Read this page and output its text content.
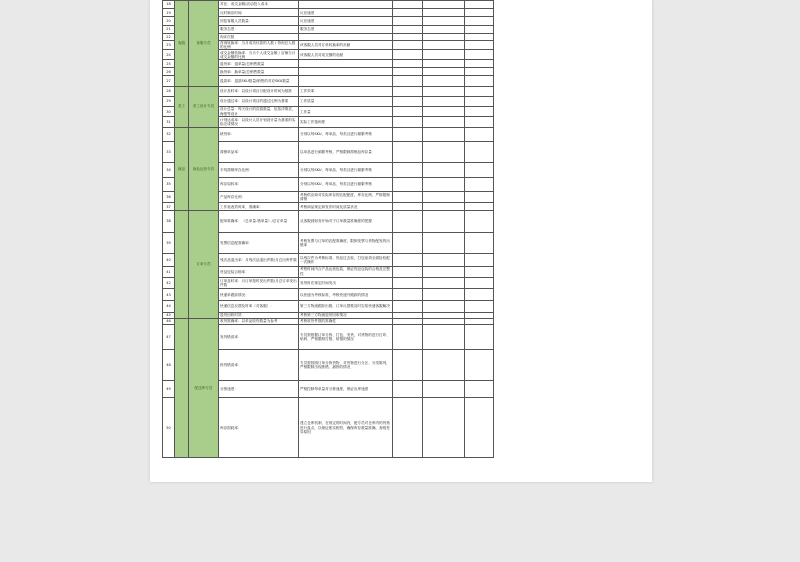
18	客服	客服专员	对比：成交金额/活动投入成本				
19			反时响应时间	反应速度			
20			回复客服人员数量：	反应速度			
21			服务态度：	服务态度			
22			询评次数				
23			咨询转换率：当月成功付款的人数 / 咨询总人数的比例	该客服人员对订单转换率的贡献			
24			成交金额转换率：当月个人成交金额 / 店铺当月成交金额的比例	该客服人员对成交额的贡献			
25			退货率：退单量/总销售数量				
26			换货率：换单量/总销售数量				
27			退款率：退款SKU数量/销售的对应SKU数量				
28	美工	美工设计专员	设计及时率：以设计项目分配设计时间为基准	工作效率			
29			设计通过率：以设计项目的通过比例为基准	工作质量			
30			设计总量：每天设计的页面数量，包括详情页，海报等设计	工作量			
31			计划达成率：以设计人员计划设计量为基准的实际完成情况	实际工作饱和度			
32	商品	商品运营专员	缺货率：	分别以每SKU、每单品、每类目进行频繁考核			
33			滞销单品率：	以单品进行频繁考核，严格限制滞销品库存量			
34			平均滞销库存比例：	分别以每SKU、每单品、每类目进行频繁考核			
35			库存周转率：	分别以每SKU、每单品、每类目进行频繁考核			
36			产品库存比例：	考核供应商对实际库存的匹配配度，库存比例，严格限制滞销			
37			工作表表效时率，准确率：	考核商品规定和发布时间及质量状况			
38		订单专员	配单准确率：（总单量-错单量）/总订单量	从客服到财务开始对于订单数量准确度的把握			
39			发票信息配准确率：	考核发票与订单的匹配准确度，限制发票与货物配发的出错率			
40			残次品退出率：月残次品退出件数/月总出库件数	以残次件为考核标准，货品过去检，打包前须全面检验配一次操作			
41			货品包装合格率：	考察时间内合产品运营包装，保证货品包装的合格及完整性			
42			订单及时率：月订单按时发出件数/月总订单发出件数	发货时在规定时间发出			
43			快递单跟踪情况：	以快递为考核标准，考核快递外跟踪的情况			
44			快递信息反馈及时率（对客服）：	第三方物流跟踪出错，订单反馈要及时告知快递客服解决			
45			退货回收时效：	考核第三方物流退货回收情况			
46		配送库专员	收货准确率：以单品收货数量为参考	考核收货件数的准确性			
47			发货错误率：	专员需根据订单分拣、打包、发货，对货物的进行打印、贴码、严格限制打错、贴错的情况			
48			拣货错误率：	专员需按照订单分拣货物，对货物进行分区、分类陈列，严格限制出现拣错、漏拣的情况			
49			分拣速度：	严格控制每单量对分拣速度，保证出库速度			
50			库存损耗率：	建立仓库机制，在规定的时间内，配专员对仓库内的货物进行盘点，以保证账实相符，确保库存数量准确，查明差异原因			
